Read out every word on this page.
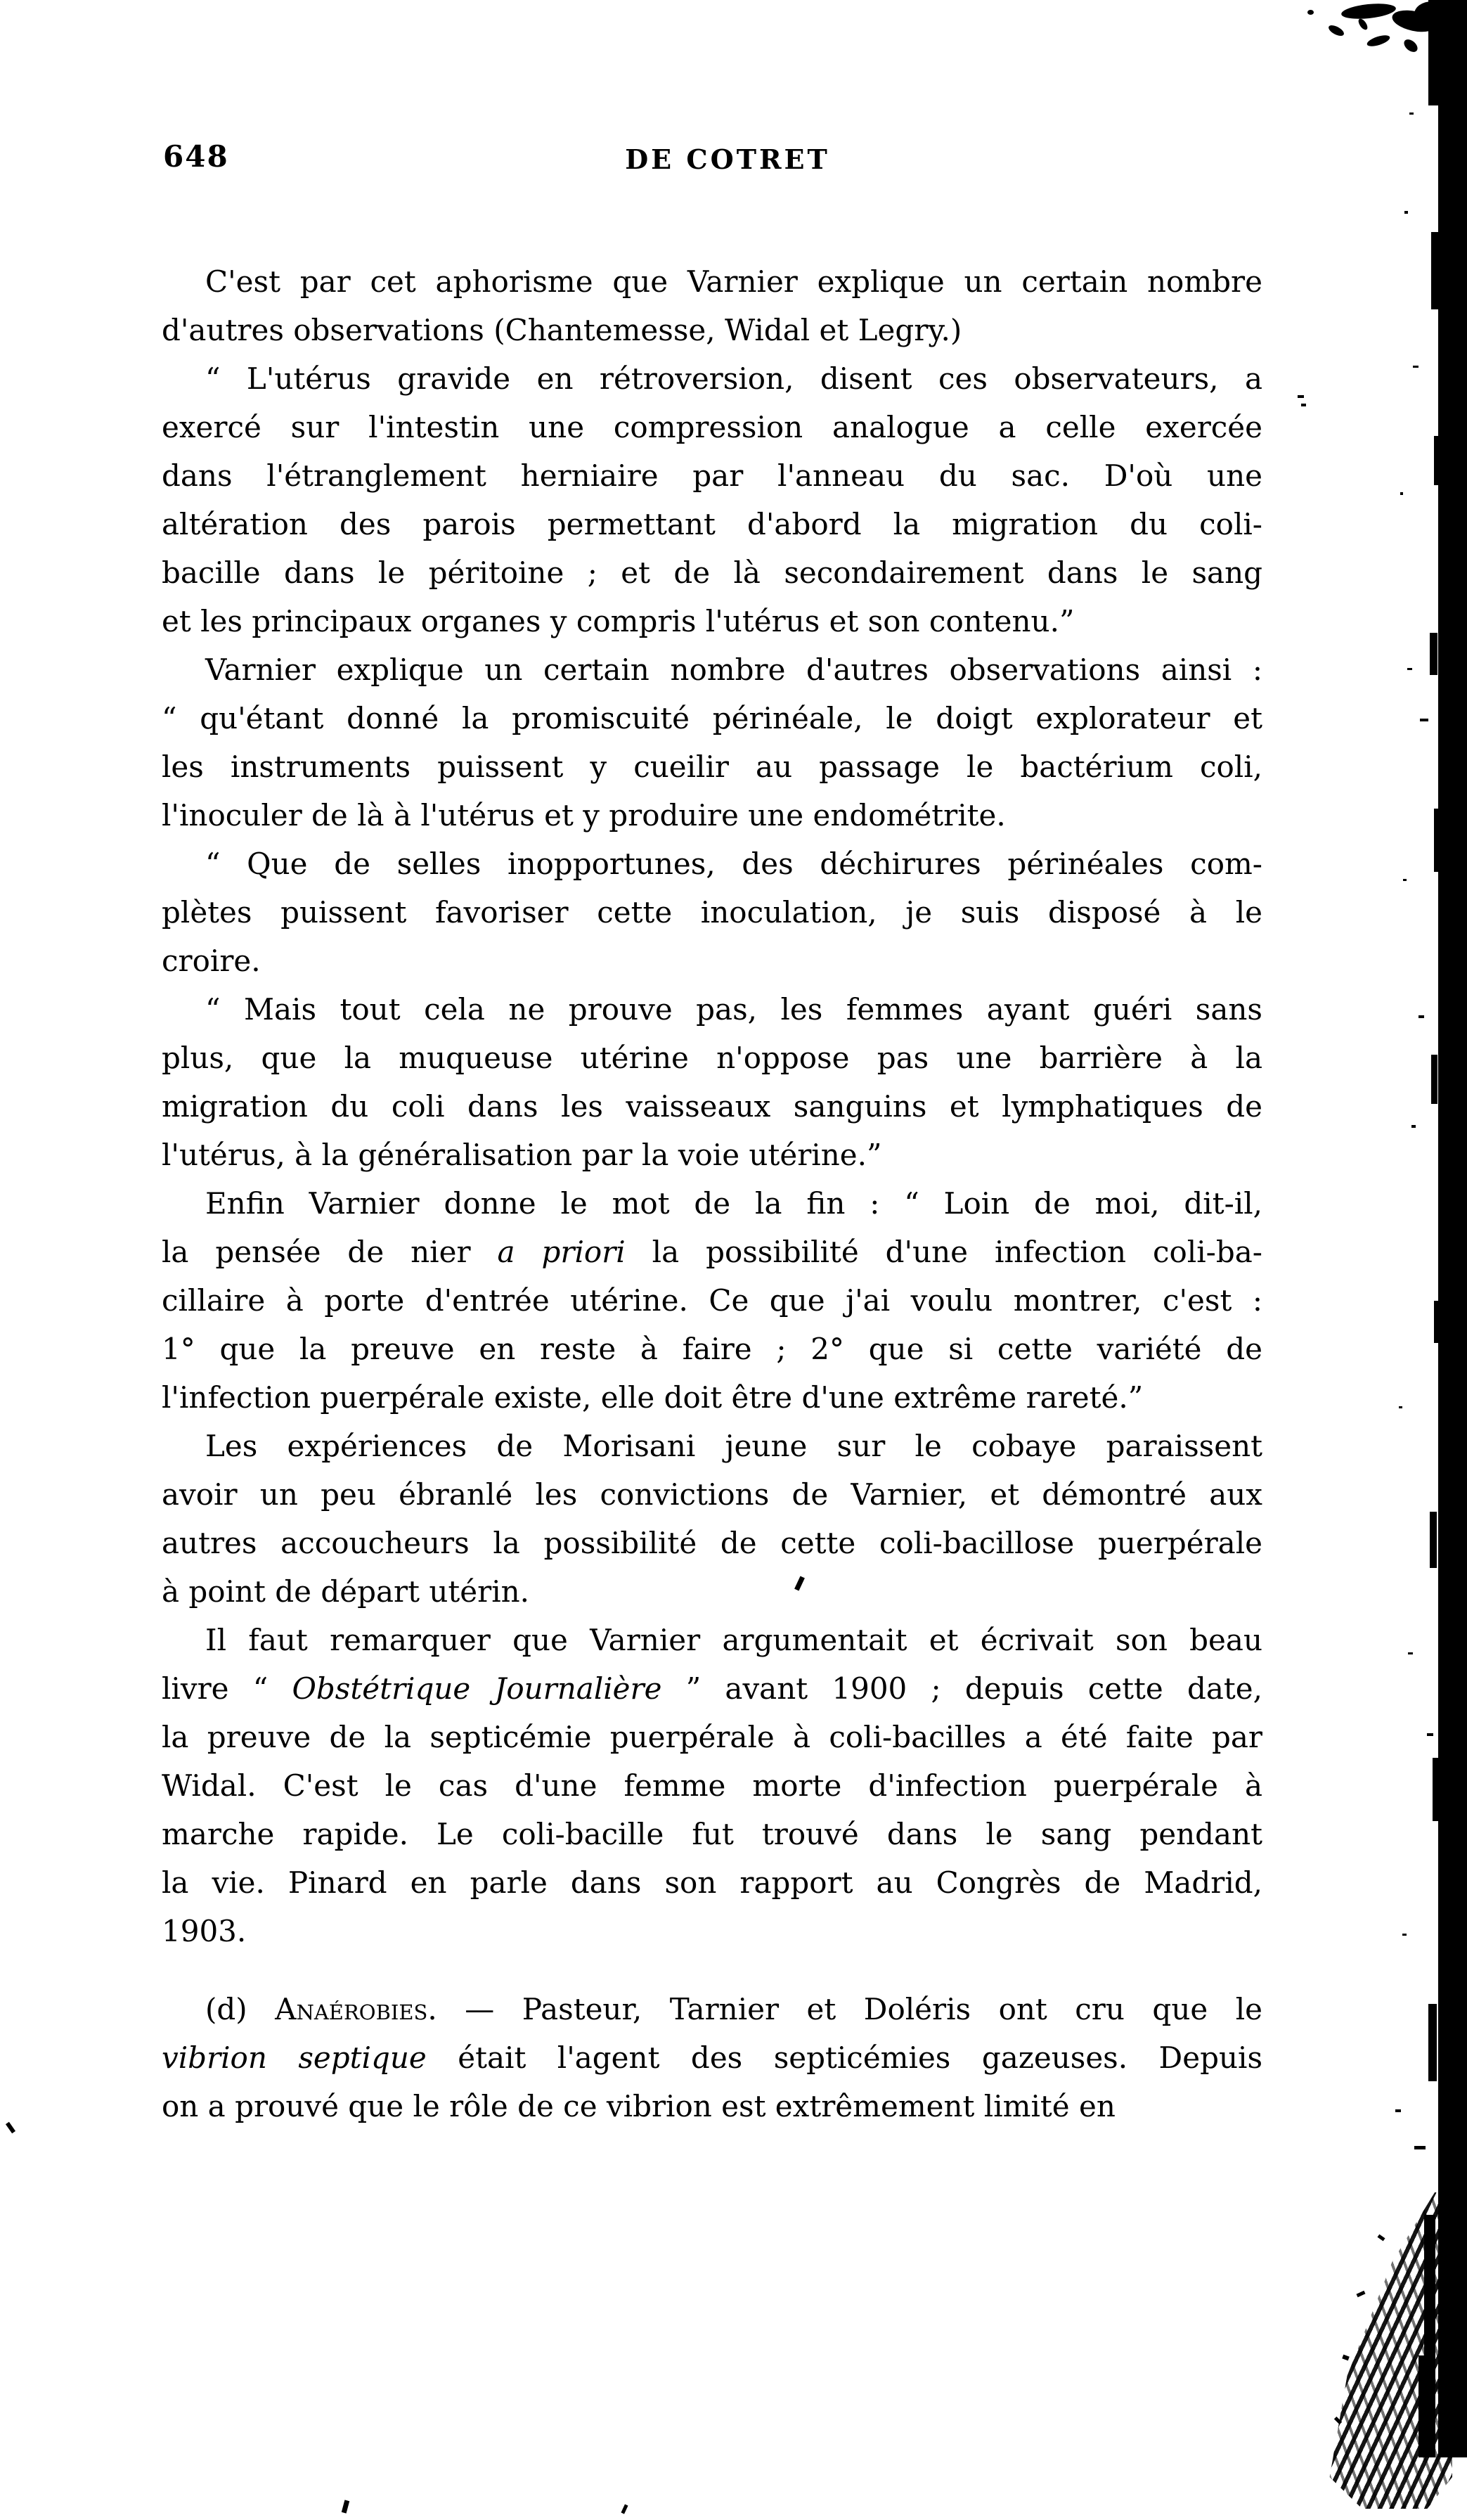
648	DE COTRET
C'est par cet aphorisme que Varnier explique un certain nombre
d'autres observations (Chantemesse, Widal et Legry.)
“ L'utérus gravide en rétroversion, disent ces observateurs, a
exercé sur l'intestin une compression analogue a celle exercée
dans l'étranglement herniaire par l'anneau du sac. D'où une
altération des parois permettant d'abord la migration du coli-
bacille dans le péritoine ; et de là secondairement dans le sang
et les principaux organes y compris l'utérus et son contenu.”
Varnier explique un certain nombre d'autres observations ainsi :
“ qu'étant donné la promiscuité périnéale, le doigt explorateur et
les instruments puissent y cueilir au passage le bactérium coli,
l'inoculer de là à l'utérus et y produire une endométrite.
“ Que de selles inopportunes, des déchirures périnéales com-
plètes puissent favoriser cette inoculation, je suis disposé à le
croire.
“ Mais tout cela ne prouve pas, les femmes ayant guéri sans
plus, que la muqueuse utérine n'oppose pas une barrière à la
migration du coli dans les vaisseaux sanguins et lymphatiques de
l'utérus, à la généralisation par la voie utérine.”
Enfin Varnier donne le mot de la fin : “ Loin de moi, dit-il,
la pensée de nier a priori la possibilité d'une infection coli-ba-
cillaire à porte d'entrée utérine. Ce que j'ai voulu montrer, c'est :
1° que la preuve en reste à faire ; 2° que si cette variété de
l'infection puerpérale existe, elle doit être d'une extrême rareté.”
Les expériences de Morisani jeune sur le cobaye paraissent
avoir un peu ébranlé les convictions de Varnier, et démontré aux
autres accoucheurs la possibilité de cette coli-bacillose puerpérale
à point de départ utérin.
Il faut remarquer que Varnier argumentait et écrivait son beau
livre “ Obstétrique Journalière ” avant 1900 ; depuis cette date,
la preuve de la septicémie puerpérale à coli-bacilles a été faite par
Widal. C'est le cas d'une femme morte d'infection puerpérale à
marche rapide. Le coli-bacille fut trouvé dans le sang pendant
la vie. Pinard en parle dans son rapport au Congrès de Madrid,
1903.
(d) Anaérobies. — Pasteur, Tarnier et Doléris ont cru que le
vibrion septique était l'agent des septicémies gazeuses. Depuis
on a prouvé que le rôle de ce vibrion est extrêmement limité en
